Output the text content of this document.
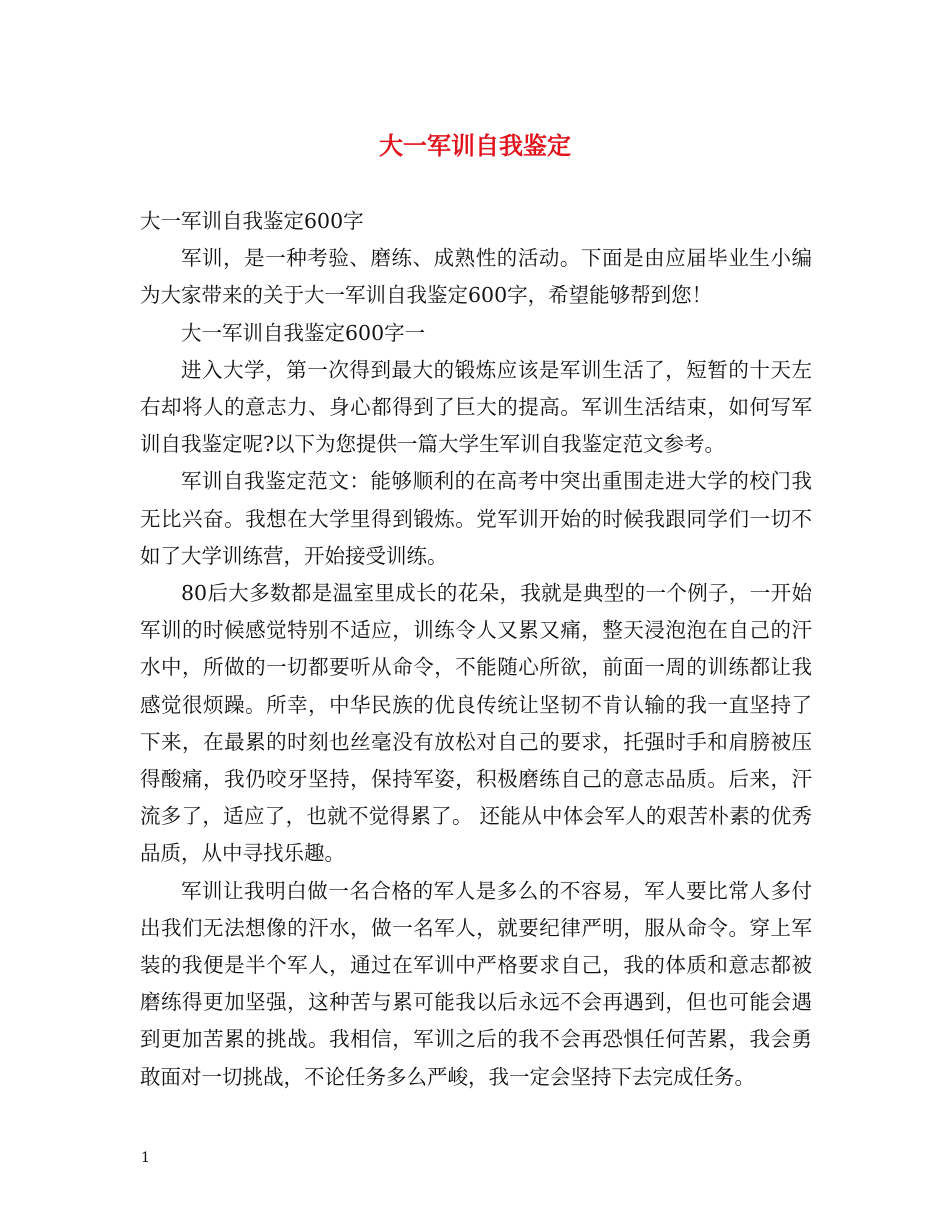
大一军训自我鉴定

大一军训自我鉴定600字

军训，是一种考验、磨练、成熟性的活动。下面是由应届毕业生小编为大家带来的关于大一军训自我鉴定600字，希望能够帮到您！

大一军训自我鉴定600字一

进入大学，第一次得到最大的锻炼应该是军训生活了，短暂的十天左右却将人的意志力、身心都得到了巨大的提高。军训生活结束，如何写军训自我鉴定呢?以下为您提供一篇大学生军训自我鉴定范文参考。

军训自我鉴定范文：能够顺利的在高考中突出重围走进大学的校门我无比兴奋。我想在大学里得到锻炼。党军训开始的时候我跟同学们一切不如了大学训练营，开始接受训练。

80后大多数都是温室里成长的花朵，我就是典型的一个例子，一开始军训的时候感觉特别不适应，训练令人又累又痛，整天浸泡泡在自己的汗水中，所做的一切都要听从命令，不能随心所欲，前面一周的训练都让我感觉很烦躁。所幸，中华民族的优良传统让坚韧不肯认输的我一直坚持了下来，在最累的时刻也丝毫没有放松对自己的要求，托强时手和肩膀被压得酸痛，我仍咬牙坚持，保持军姿，积极磨练自己的意志品质。后来，汗流多了，适应了，也就不觉得累了。 还能从中体会军人的艰苦朴素的优秀品质，从中寻找乐趣。

军训让我明白做一名合格的军人是多么的不容易，军人要比常人多付出我们无法想像的汗水，做一名军人，就要纪律严明，服从命令。穿上军装的我便是半个军人，通过在军训中严格要求自己，我的体质和意志都被磨练得更加坚强，这种苦与累可能我以后永远不会再遇到，但也可能会遇到更加苦累的挑战。我相信，军训之后的我不会再恐惧任何苦累，我会勇敢面对一切挑战，不论任务多么严峻，我一定会坚持下去完成任务。

1
